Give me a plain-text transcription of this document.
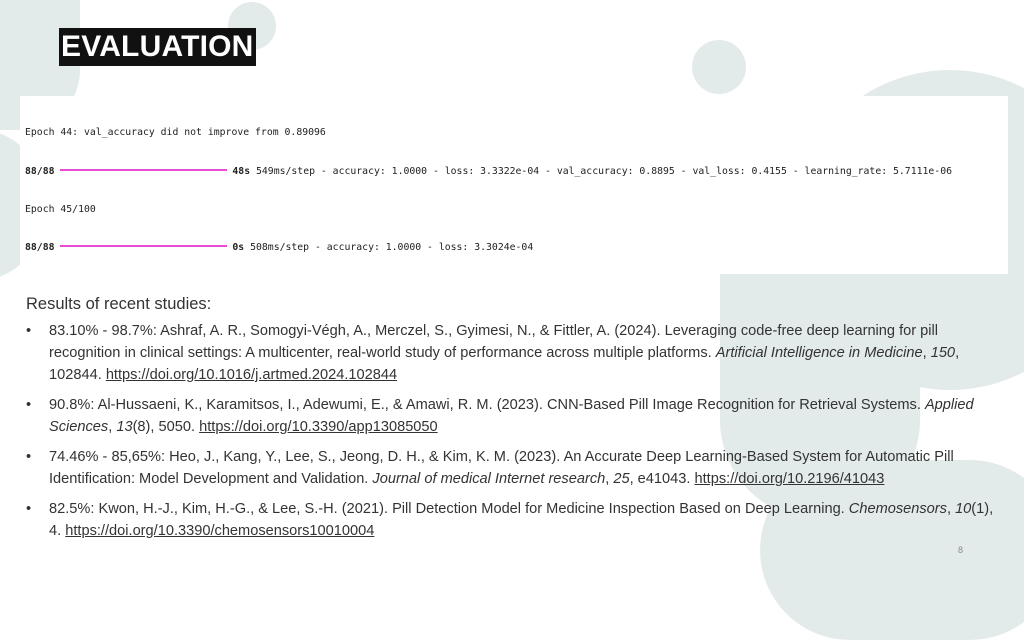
EVALUATION

Epoch 44: val_accuracy did not improve from 0.89096

88/88	48s 549ms/step - accuracy: 1.0000 - loss: 3.3322e-04 - val_accuracy: 0.8895 - val_loss: 0.4155 - learning_rate: 5.7111e-06

Epoch 45/100

88/88	0s 508ms/step - accuracy: 1.0000 - loss: 3.3024e-04

Results of recent studies:
• 83.10% - 98.7%: Ashraf, A. R., Somogyi-Végh, A., Merczel, S., Gyimesi, N., & Fittler, A. (2024). Leveraging code-free deep learning for pill recognition in clinical settings: A multicenter, real-world study of performance across multiple platforms. Artificial Intelligence in Medicine, 150, 102844. https://doi.org/10.1016/j.artmed.2024.102844
• 90.8%: Al-Hussaeni, K., Karamitsos, I., Adewumi, E., & Amawi, R. M. (2023). CNN-Based Pill Image Recognition for Retrieval Systems. Applied Sciences, 13(8), 5050. https://doi.org/10.3390/app13085050
• 74.46% - 85,65%: Heo, J., Kang, Y., Lee, S., Jeong, D. H., & Kim, K. M. (2023). An Accurate Deep Learning-Based System for Automatic Pill Identification: Model Development and Validation. Journal of medical Internet research, 25, e41043. https://doi.org/10.2196/41043
• 82.5%: Kwon, H.-J., Kim, H.-G., & Lee, S.-H. (2021). Pill Detection Model for Medicine Inspection Based on Deep Learning. Chemosensors, 10(1), 4. https://doi.org/10.3390/chemosensors10010004
8
